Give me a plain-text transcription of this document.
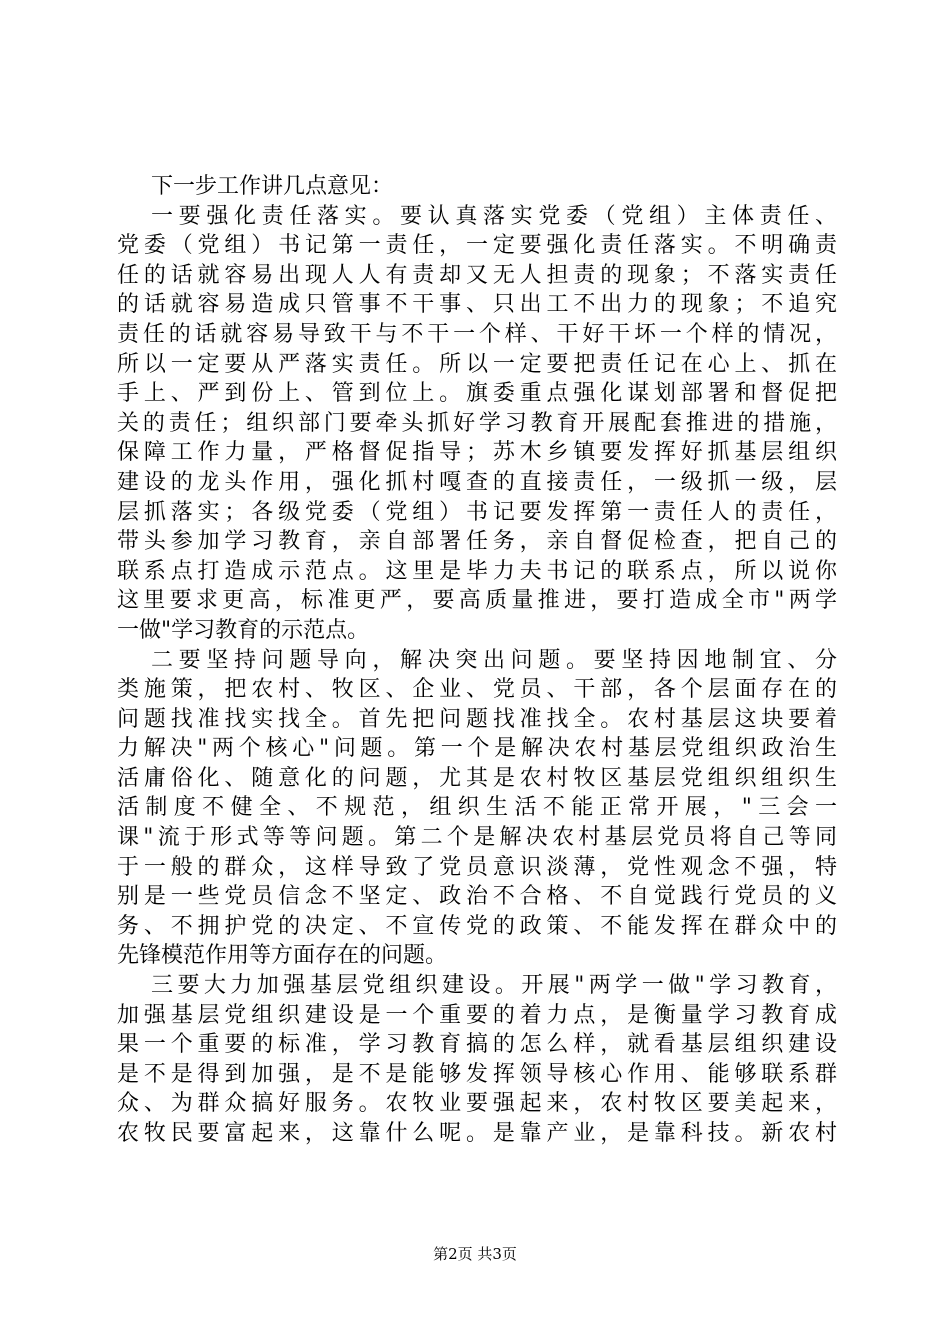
下一步工作讲几点意见：
一要强化责任落实。要认真落实党委（党组）主体责任、
党委（党组）书记第一责任，一定要强化责任落实。不明确责
任的话就容易出现人人有责却又无人担责的现象；不落实责任
的话就容易造成只管事不干事、只出工不出力的现象；不追究
责任的话就容易导致干与不干一个样、干好干坏一个样的情况，
所以一定要从严落实责任。所以一定要把责任记在心上、抓在
手上、严到份上、管到位上。旗委重点强化谋划部署和督促把
关的责任；组织部门要牵头抓好学习教育开展配套推进的措施，
保障工作力量，严格督促指导；苏木乡镇要发挥好抓基层组织
建设的龙头作用，强化抓村嘎查的直接责任，一级抓一级，层
层抓落实；各级党委（党组）书记要发挥第一责任人的责任，
带头参加学习教育，亲自部署任务，亲自督促检查，把自己的
联系点打造成示范点。这里是毕力夫书记的联系点，所以说你
这里要求更高，标准更严，要高质量推进，要打造成全市"两学
一做"学习教育的示范点。
二要坚持问题导向，解决突出问题。要坚持因地制宜、分
类施策，把农村、牧区、企业、党员、干部，各个层面存在的
问题找准找实找全。首先把问题找准找全。农村基层这块要着
力解决"两个核心"问题。第一个是解决农村基层党组织政治生
活庸俗化、随意化的问题，尤其是农村牧区基层党组织组织生
活制度不健全、不规范，组织生活不能正常开展，"三会一
课"流于形式等等问题。第二个是解决农村基层党员将自己等同
于一般的群众，这样导致了党员意识淡薄，党性观念不强，特
别是一些党员信念不坚定、政治不合格、不自觉践行党员的义
务、不拥护党的决定、不宣传党的政策、不能发挥在群众中的
先锋模范作用等方面存在的问题。
三要大力加强基层党组织建设。开展"两学一做"学习教育，
加强基层党组织建设是一个重要的着力点，是衡量学习教育成
果一个重要的标准，学习教育搞的怎么样，就看基层组织建设
是不是得到加强，是不是能够发挥领导核心作用、能够联系群
众、为群众搞好服务。农牧业要强起来，农村牧区要美起来，
农牧民要富起来，这靠什么呢。是靠产业，是靠科技。新农村
第2页 共3页
